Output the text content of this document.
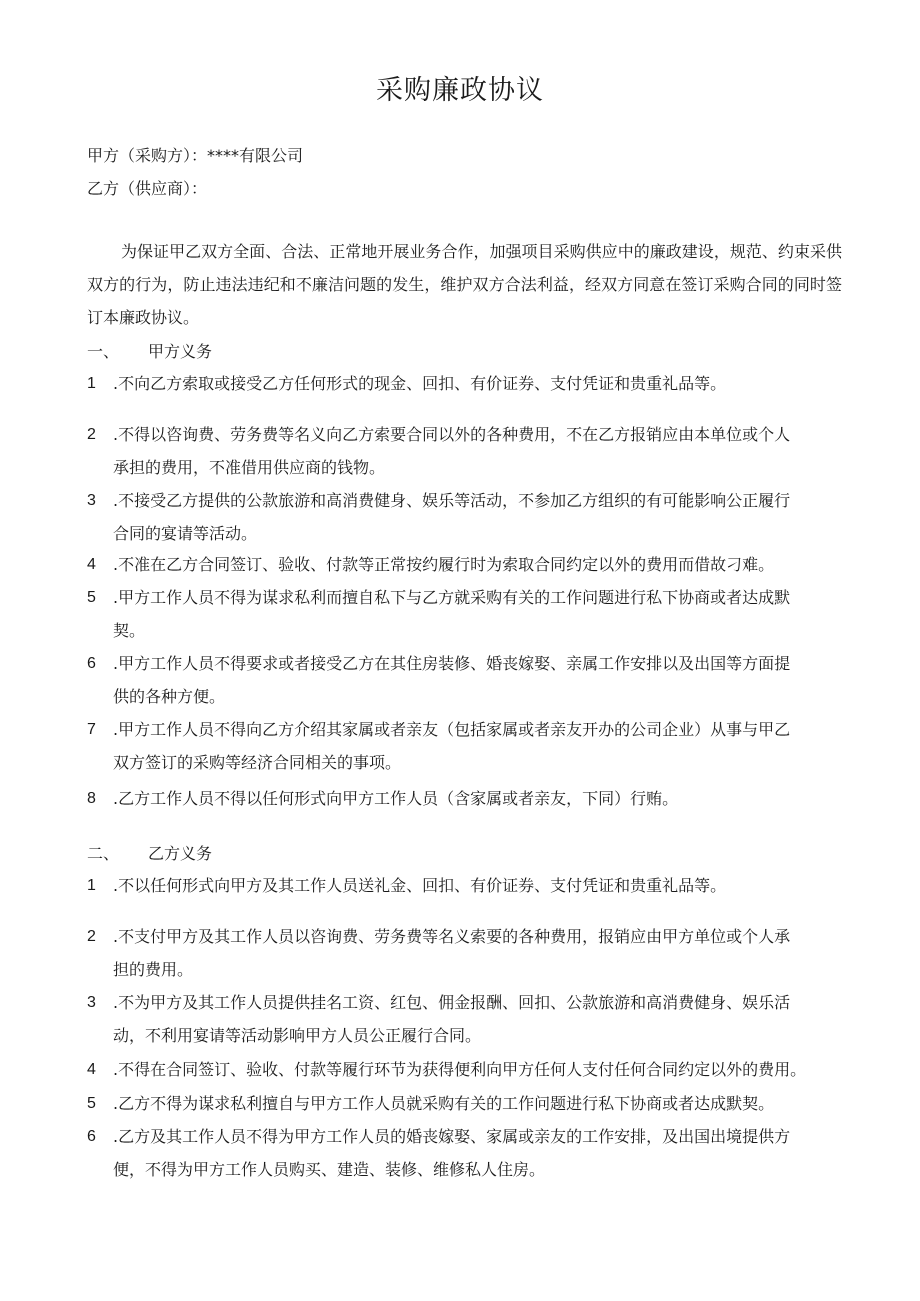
采购廉政协议
甲方（采购方）：****有限公司
乙方（供应商）：
为保证甲乙双方全面、合法、正常地开展业务合作，加强项目采购供应中的廉政建设，规范、约束采供双方的行为，防止违法违纪和不廉洁问题的发生，维护双方合法利益，经双方同意在签订采购合同的同时签订本廉政协议。
一、 甲方义务
1	.不向乙方索取或接受乙方任何形式的现金、回扣、有价证券、支付凭证和贵重礼品等。
2	.不得以咨询费、劳务费等名义向乙方索要合同以外的各种费用，不在乙方报销应由本单位或个人
承担的费用，不准借用供应商的钱物。
3	.不接受乙方提供的公款旅游和高消费健身、娱乐等活动，不参加乙方组织的有可能影响公正履行
合同的宴请等活动。
4	.不准在乙方合同签订、验收、付款等正常按约履行时为索取合同约定以外的费用而借故刁难。
5	.甲方工作人员不得为谋求私利而擅自私下与乙方就采购有关的工作问题进行私下协商或者达成默
契。
6	.甲方工作人员不得要求或者接受乙方在其住房装修、婚丧嫁娶、亲属工作安排以及出国等方面提
供的各种方便。
7	.甲方工作人员不得向乙方介绍其家属或者亲友（包括家属或者亲友开办的公司企业）从事与甲乙
双方签订的采购等经济合同相关的事项。
8	.乙方工作人员不得以任何形式向甲方工作人员（含家属或者亲友，下同）行贿。
二、 乙方义务
1	.不以任何形式向甲方及其工作人员送礼金、回扣、有价证券、支付凭证和贵重礼品等。
2	.不支付甲方及其工作人员以咨询费、劳务费等名义索要的各种费用，报销应由甲方单位或个人承
担的费用。
3	.不为甲方及其工作人员提供挂名工资、红包、佣金报酬、回扣、公款旅游和高消费健身、娱乐活
动，不利用宴请等活动影响甲方人员公正履行合同。
4	.不得在合同签订、验收、付款等履行环节为获得便利向甲方任何人支付任何合同约定以外的费用。
5	.乙方不得为谋求私利擅自与甲方工作人员就采购有关的工作问题进行私下协商或者达成默契。
6	.乙方及其工作人员不得为甲方工作人员的婚丧嫁娶、家属或亲友的工作安排，及出国出境提供方
便，不得为甲方工作人员购买、建造、装修、维修私人住房。
